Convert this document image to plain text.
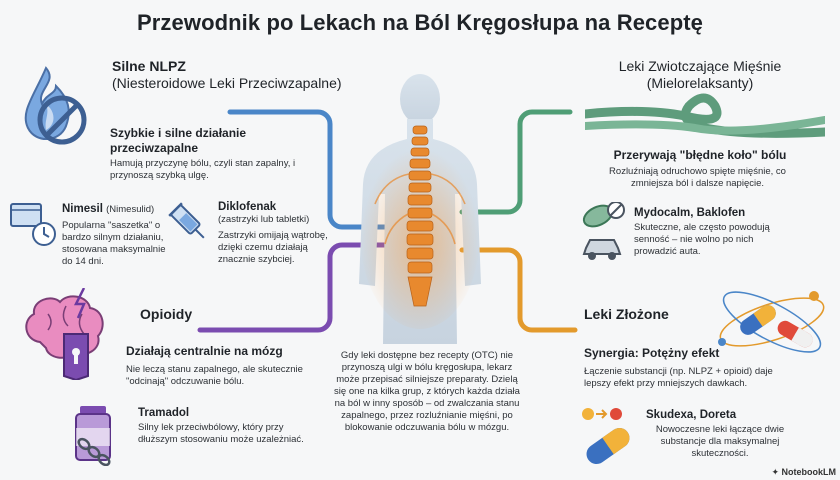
Przewodnik po Lekach na Ból Kręgosłupa na Receptę
Silne NLPZ
(Niesteroidowe Leki Przeciwzapalne)
Szybkie i silne działanie przeciwzapalne
Hamują przyczynę bólu, czyli stan zapalny, i przynoszą szybką ulgę.
Nimesil (Nimesulid)
Popularna "saszetka" o bardzo silnym działaniu, stosowana maksymalnie do 14 dni.
Diklofenak
(zastrzyki lub tabletki)
Zastrzyki omijają wątrobę, dzięki czemu działają znacznie szybciej.
Leki Zwiotczające Mięśnie
(Mielorelaksanty)
Przerywają "błędne koło" bólu
Rozluźniają odruchowo spięte mięśnie, co zmniejsza ból i dalsze napięcie.
Mydocalm, Baklofen
Skuteczne, ale często powodują senność – nie wolno po nich prowadzić auta.
Opioidy
Działają centralnie na mózg
Nie leczą stanu zapalnego, ale skutecznie "odcinają" odczuwanie bólu.
Tramadol
Silny lek przeciwbólowy, który przy dłuższym stosowaniu może uzależniać.
Gdy leki dostępne bez recepty (OTC) nie przynoszą ulgi w bólu kręgosłupa, lekarz może przepisać silniejsze preparaty. Dzielą się one na kilka grup, z których każda działa na ból w inny sposób – od zwalczania stanu zapalnego, przez rozluźnianie mięśni, po blokowanie odczuwania bólu w mózgu.
Leki Złożone
Synergia: Potężny efekt
Łączenie substancji (np. NLPZ + opioid) daje lepszy efekt przy mniejszych dawkach.
Skudexa, Doreta
Nowoczesne leki łączące dwie substancje dla maksymalnej skuteczności.
✦ NotebookLM
